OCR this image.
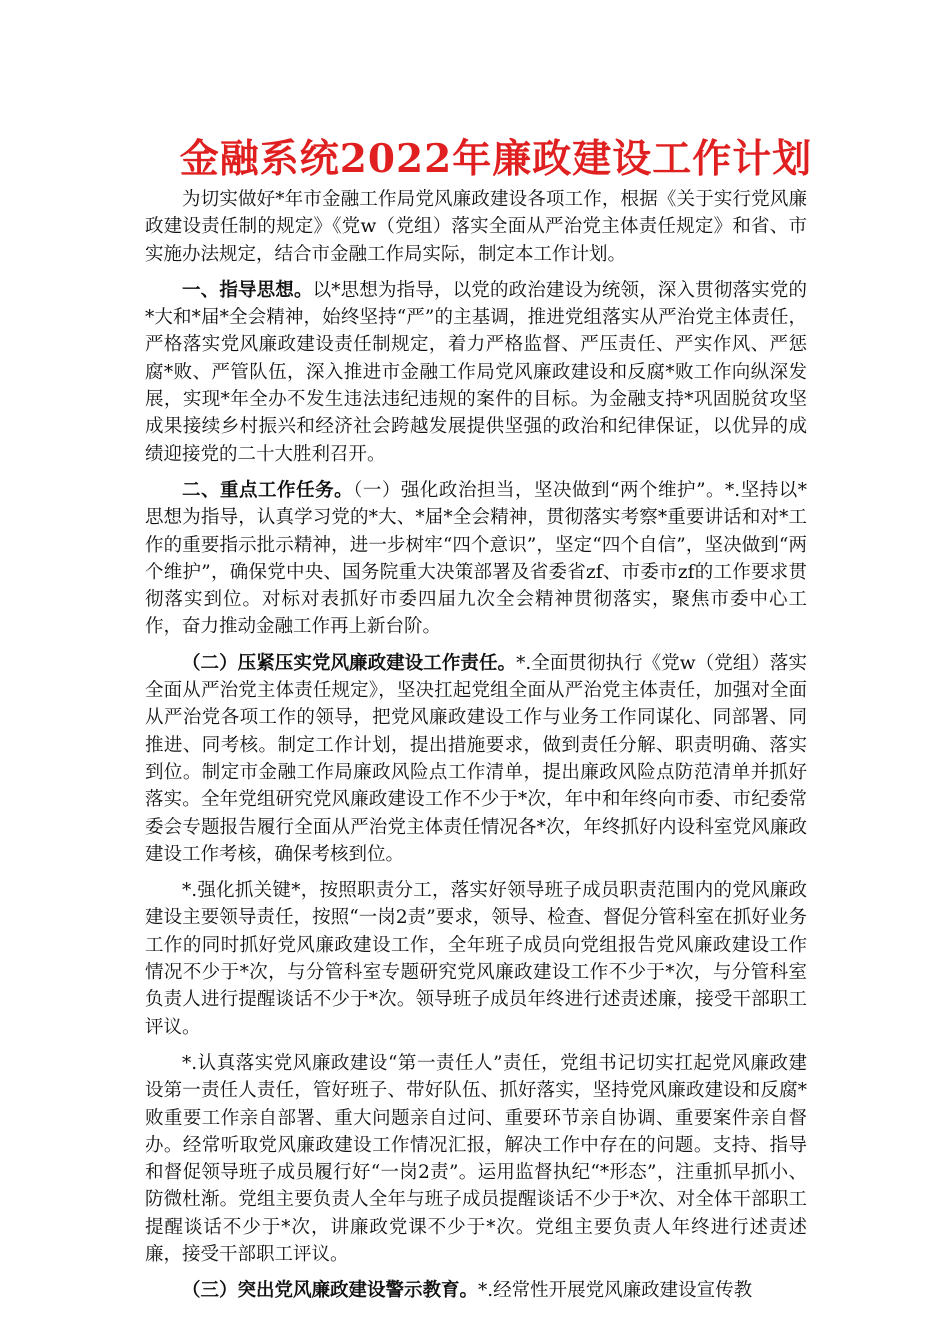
金融系统2022年廉政建设工作计划

为切实做好*年市金融工作局党风廉政建设各项工作，根据《关于实行党风廉政建设责任制的规定》《党w（党组）落实全面从严治党主体责任规定》和省、市实施办法规定，结合市金融工作局实际，制定本工作计划。

一、指导思想。以*思想为指导，以党的政治建设为统领，深入贯彻落实党的*大和*届*全会精神，始终坚持“严”的主基调，推进党组落实从严治党主体责任，严格落实党风廉政建设责任制规定，着力严格监督、严压责任、严实作风、严惩腐*败、严管队伍，深入推进市金融工作局党风廉政建设和反腐*败工作向纵深发展，实现*年全办不发生违法违纪违规的案件的目标。为金融支持*巩固脱贫攻坚成果接续乡村振兴和经济社会跨越发展提供坚强的政治和纪律保证，以优异的成绩迎接党的二十大胜利召开。

二、重点工作任务。（一）强化政治担当，坚决做到“两个维护”。*.坚持以*思想为指导，认真学习党的*大、*届*全会精神，贯彻落实考察*重要讲话和对*工作的重要指示批示精神，进一步树牢“四个意识”，坚定“四个自信”，坚决做到“两个维护”，确保党中央、国务院重大决策部署及省委省zf、市委市zf的工作要求贯彻落实到位。对标对表抓好市委四届九次全会精神贯彻落实，聚焦市委中心工作，奋力推动金融工作再上新台阶。

（二）压紧压实党风廉政建设工作责任。*.全面贯彻执行《党w（党组）落实全面从严治党主体责任规定》，坚决扛起党组全面从严治党主体责任，加强对全面从严治党各项工作的领导，把党风廉政建设工作与业务工作同谋化、同部署、同推进、同考核。制定工作计划，提出措施要求，做到责任分解、职责明确、落实到位。制定市金融工作局廉政风险点工作清单，提出廉政风险点防范清单并抓好落实。全年党组研究党风廉政建设工作不少于*次，年中和年终向市委、市纪委常委会专题报告履行全面从严治党主体责任情况各*次，年终抓好内设科室党风廉政建设工作考核，确保考核到位。

*.强化抓关键*，按照职责分工，落实好领导班子成员职责范围内的党风廉政建设主要领导责任，按照“一岗2责”要求，领导、检查、督促分管科室在抓好业务工作的同时抓好党风廉政建设工作，全年班子成员向党组报告党风廉政建设工作情况不少于*次，与分管科室专题研究党风廉政建设工作不少于*次，与分管科室负责人进行提醒谈话不少于*次。领导班子成员年终进行述责述廉，接受干部职工评议。

*.认真落实党风廉政建设“第一责任人”责任，党组书记切实扛起党风廉政建设第一责任人责任，管好班子、带好队伍、抓好落实，坚持党风廉政建设和反腐*败重要工作亲自部署、重大问题亲自过问、重要环节亲自协调、重要案件亲自督办。经常听取党风廉政建设工作情况汇报，解决工作中存在的问题。支持、指导和督促领导班子成员履行好“一岗2责”。运用监督执纪“*形态”，注重抓早抓小、防微杜渐。党组主要负责人全年与班子成员提醒谈话不少于*次、对全体干部职工提醒谈话不少于*次，讲廉政党课不少于*次。党组主要负责人年终进行述责述廉，接受干部职工评议。

（三）突出党风廉政建设警示教育。*.经常性开展党风廉政建设宣传教
